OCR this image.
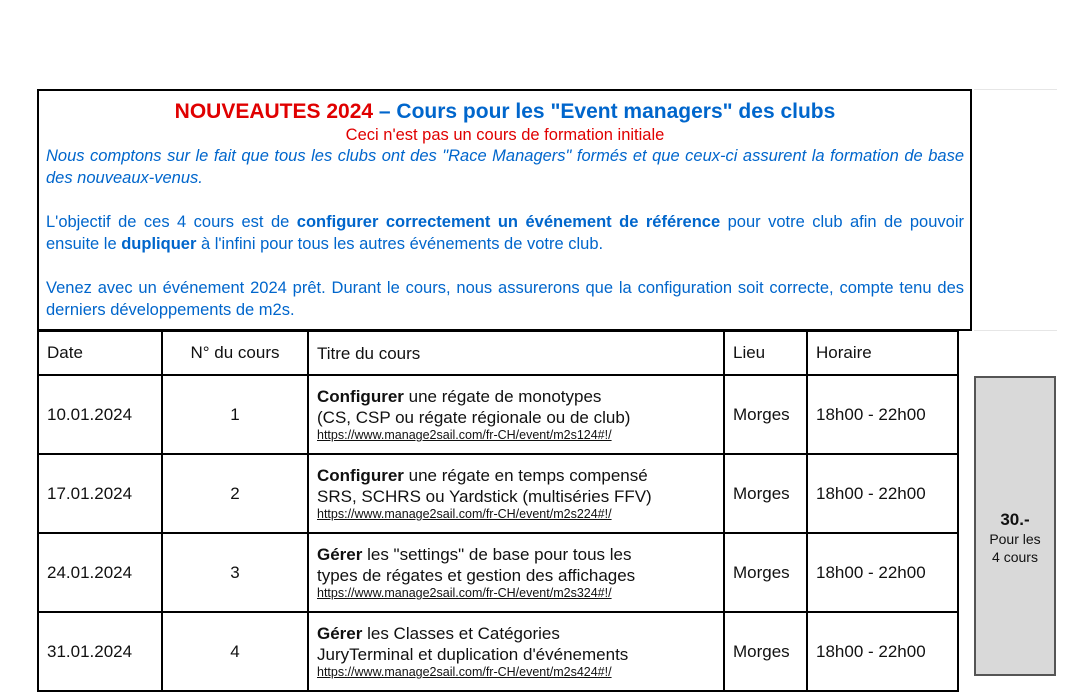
NOUVEAUTES 2024 – Cours pour les "Event managers" des clubs
Ceci n'est pas un cours de formation initiale
Nous comptons sur le fait que tous les clubs ont des "Race Managers" formés et que ceux-ci assurent la formation de base des nouveaux-venus.
L'objectif de ces 4 cours est de configurer correctement un événement de référence pour votre club afin de pouvoir ensuite le dupliquer à l'infini pour tous les autres événements de votre club.
Venez avec un événement 2024 prêt. Durant le cours, nous assurerons que la configuration soit correcte, compte tenu des derniers développements de m2s.
Date	N° du cours	Titre du cours	Lieu	Horaire
10.01.2024	1	Configurer une régate de monotypes
(CS, CSP ou régate régionale ou de club)
https://www.manage2sail.com/fr-CH/event/m2s124#!/	Morges	18h00 - 22h00
17.01.2024	2	Configurer une régate en temps compensé
SRS, SCHRS ou Yardstick (multiséries FFV)
https://www.manage2sail.com/fr-CH/event/m2s224#!/	Morges	18h00 - 22h00
24.01.2024	3	Gérer les "settings" de base pour tous les
types de régates et gestion des affichages
https://www.manage2sail.com/fr-CH/event/m2s324#!/	Morges	18h00 - 22h00
31.01.2024	4	Gérer les Classes et Catégories
JuryTerminal et duplication d'événements
https://www.manage2sail.com/fr-CH/event/m2s424#!/	Morges	18h00 - 22h00
30.-
Pour les
4 cours
